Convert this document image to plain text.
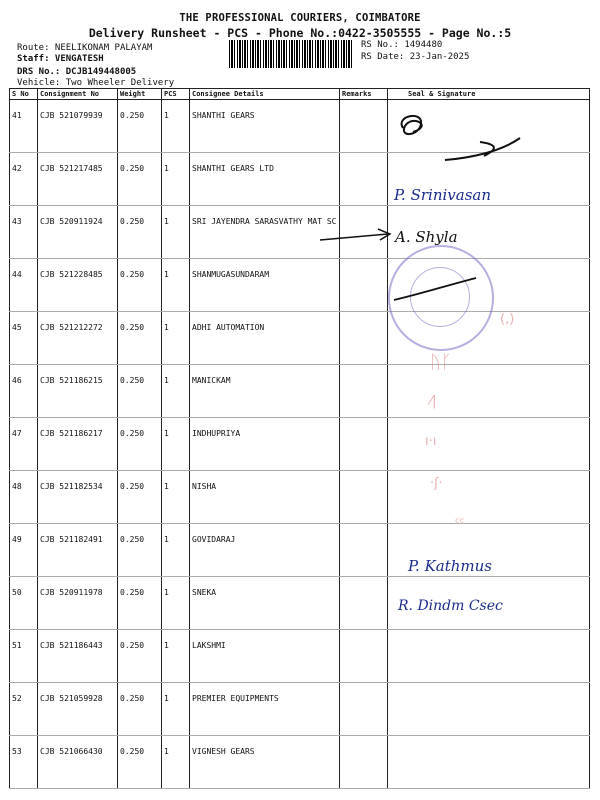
THE PROFESSIONAL COURIERS, COIMBATORE
Delivery Runsheet - PCS - Phone No.:0422-3505555 - Page No.:5
Route: NEELIKONAM PALAYAM
Staff: VENGATESH
DRS No.: DCJB149448005
Vehicle: Two Wheeler Delivery
RS No.: 1494480
RS Date: 23-Jan-2025
S No	Consignment No	Weight	PCS	Consignee Details	Remarks	Seal & Signature
41	CJB 521079939	0.250	1	SHANTHI GEARS		
42	CJB 521217485	0.250	1	SHANTHI GEARS LTD		
43	CJB 520911924	0.250	1	SRI JAYENDRA SARASVATHY MAT SC		
44	CJB 521228485	0.250	1	SHANMUGASUNDARAM		
45	CJB 521212272	0.250	1	ADHI AUTOMATION		
46	CJB 521186215	0.250	1	MANICKAM		
47	CJB 521186217	0.250	1	INDHUPRIYA		
48	CJB 521182534	0.250	1	NISHA		
49	CJB 521182491	0.250	1	GOVIDARAJ		
50	CJB 520911978	0.250	1	SNEKA		
51	CJB 521186443	0.250	1	LAKSHMI		
52	CJB 521059928	0.250	1	PREMIER EQUIPMENTS		
53	CJB 521066430	0.250	1	VIGNESH GEARS		
P. Srinivasan
A. Shyla
(,)
ᚢᚴ
⁄|
ı·ı
·ʃ·
ᶜᶜ
P. Kathmus
R. Dindm Csec
